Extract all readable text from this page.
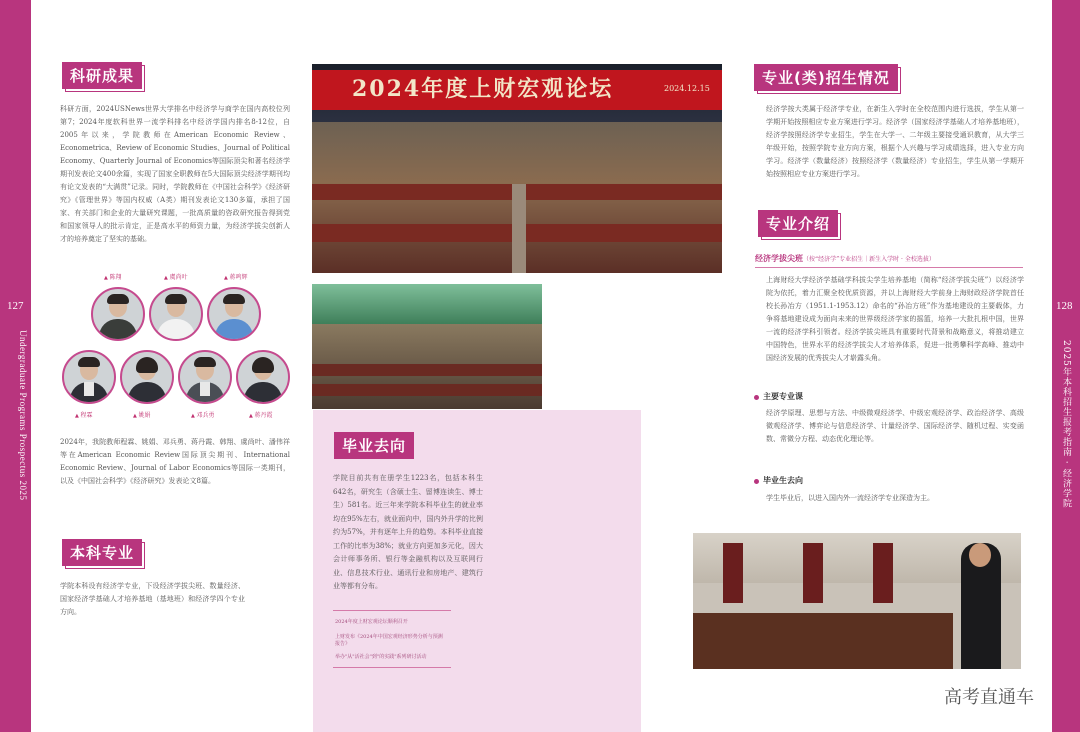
127	128
Undergraduate Programs Prospectus 2025	2025年本科招生报考指南 · 经济学院
科研成果
科研方面，2024USNews世界大学排名中经济学与商学在国内高校位列第7；2024年度软科世界一流学科排名中经济学国内排名8-12位，自2005年以来，学院教师在American Economic Review、Econometrica、Review of Economic Studies、Journal of Political Economy、Quarterly Journal of Economics等国际顶尖和著名经济学期刊发表论文400余篇，实现了国家全职教师在5大国际顶尖经济学期刊均有论文发表的“大满贯”记录。同时，学院教师在《中国社会科学》《经济研究》《管理世界》等国内权威（A类）期刊发表论文130多篇，承担了国家、有关部门和企业的大量研究课题，一批高质量的咨政研究报告得到党和国家领导人的批示肯定，正是高水平的师资力量，为经济学拔尖创新人才的培养奠定了坚实的基础。
▲ 陈翔	▲ 虞尚叶	▲ 蒋鸣辉
▲ 程霖	▲ 姚娟	▲ 邓兵勇	▲ 蒋丹霞
2024年，我院教师程霖、姚娟、邓兵勇、蒋丹霞、韩翔、虞尚叶、潘伟祥等在American Economic Review国际顶尖期刊、International Economic Review、Journal of Labor Economics等国际一类期刊，以及《中国社会科学》《经济研究》发表论文8篇。
本科专业
学院本科设有经济学专业，下设经济学拔尖班、数量经济、国家经济学基础人才培养基地（基地班）和经济学四个专业方向。
2024年度上财宏观论坛	2024.12.15
毕业去向
学院目前共有在册学生1223名，包括本科生642名，研究生（含硕士生、留博连读生、博士生）581名。近三年来学院本科毕业生的就业率均在95%左右，就业面向中，国内外升学的比例约为57%，并有逐年上升的趋势。本科毕业直接工作的比率为38%；就业方向更加多元化，因大会计师事务所、银行等金融机构以及互联网行业、信息技术行业、通讯行业和房地产、建筑行业等都有分布。
2024年度上财宏观论坛顺利召开
上财发布《2024年中国宏观经济形势分析与预测报告》
举办"从"活社会"到"的实践"系列研讨活动
专业(类)招生情况
经济学按大类属于经济学专业，在新生入学时在全校范围内进行选拔，学生从第一学期开始按照相应专业方案进行学习。经济学（国家经济学基础人才培养基地班），经济学按照经济学专业招生，学生在大学一、二年级主要接受通识教育，从大学三年级开始，按照学院专业方向方案，根据个人兴趣与学习成绩选择，进入专业方向学习。经济学（数量经济）按照经济学（数量经济）专业招生，学生从第一学期开始按照相应专业方案进行学习。
专业介绍
经济学拔尖班（按“经济学”专业招生｜新生入学时 · 全校选拔）
上海财经大学经济学基础学科拔尖学生培养基地（简称“经济学拔尖班”）以经济学院为依托，着力汇聚全校优质资源，并以上海财经大学前身上海财政经济学院首任校长孙冶方（1951.1-1953.12）命名的“孙冶方班”作为基地建设的主要载体，力争将基地建设成为面向未来的世界级经济学家的摇篮，培养一大批扎根中国，世界一流的经济学科引领者。经济学拔尖班具有重要时代背景和战略意义，将推动建立中国特色，世界水平的经济学拔尖人才培养体系，促进一批勇攀科学高峰、推动中国经济发展的优秀拔尖人才崭露头角。
主要专业课
经济学原理、思想与方法、中级微观经济学、中级宏观经济学、政治经济学、高级微观经济学、博弈论与信息经济学、计量经济学、国际经济学、随机过程、实变函数、常微分方程、动态优化理论等。
毕业生去向
学生毕业后，以进入国内外一流经济学专业深造为主。
高考直通车
